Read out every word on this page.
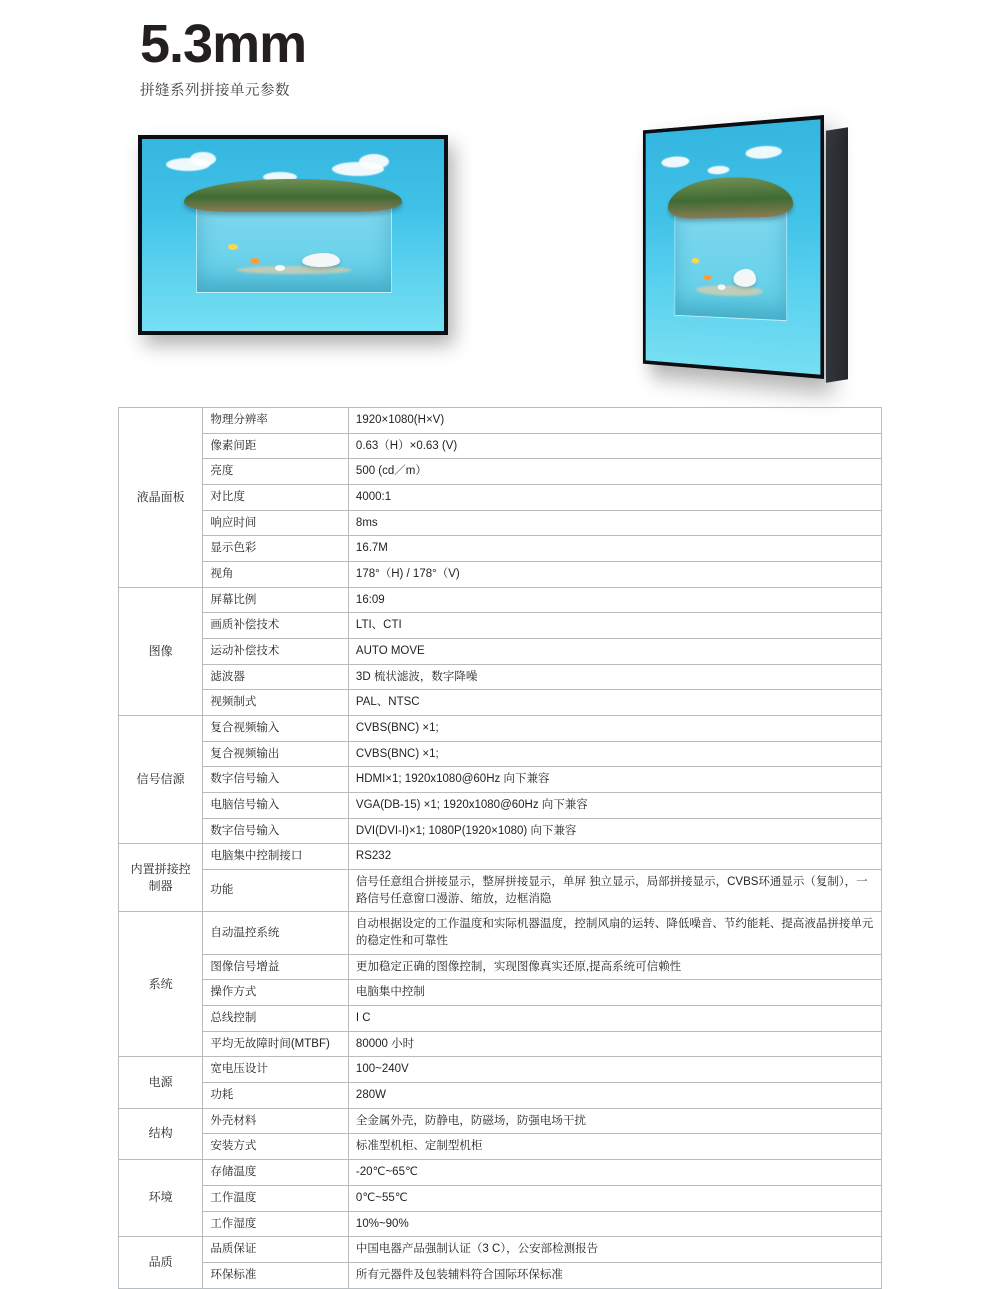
5.3mm
拼缝系列拼接单元参数
液晶面板	物理分辨率	1920×1080(H×V)
	像素间距	0.63（H）×0.63 (V)
	亮度	500 (cd／m）
	对比度	4000:1
	响应时间	8ms
	显示色彩	16.7M
	视角	178°（H) / 178°（V)
图像	屏幕比例	16:09
	画质补偿技术	LTI、CTI
	运动补偿技术	AUTO MOVE
	滤波器	3D 梳状滤波，数字降噪
	视频制式	PAL、NTSC
信号信源	复合视频输入	CVBS(BNC) ×1;
	复合视频输出	CVBS(BNC) ×1;
	数字信号输入	HDMI×1; 1920x1080@60Hz 向下兼容
	电脑信号输入	VGA(DB-15) ×1; 1920x1080@60Hz 向下兼容
	数字信号输入	DVI(DVI-I)×1; 1080P(1920×1080) 向下兼容
内置拼接控制器	电脑集中控制接口	RS232
	功能	信号任意组合拼接显示，整屏拼接显示，单屏 独立显示，局部拼接显示，CVBS环通显示（复制），一路信号任意窗口漫游、缩放，边框消隐
系统	自动温控系统	自动根据设定的工作温度和实际机器温度，控制风扇的运转、降低噪音、节约能耗、提高液晶拼接单元的稳定性和可靠性
	图像信号增益	更加稳定正确的图像控制，实现图像真实还原,提高系统可信赖性
	操作方式	电脑集中控制
	总线控制	I C
	平均无故障时间(MTBF)	80000 小时
电源	宽电压设计	100~240V
	功耗	280W
结构	外壳材料	全金属外壳，防静电，防磁场，防强电场干扰
	安装方式	标准型机柜、定制型机柜
环境	存储温度	-20℃~65℃
	工作温度	0℃~55℃
	工作湿度	10%~90%
品质	品质保证	中国电器产品强制认证（3 C），公安部检测报告
	环保标准	所有元器件及包装辅料符合国际环保标准
